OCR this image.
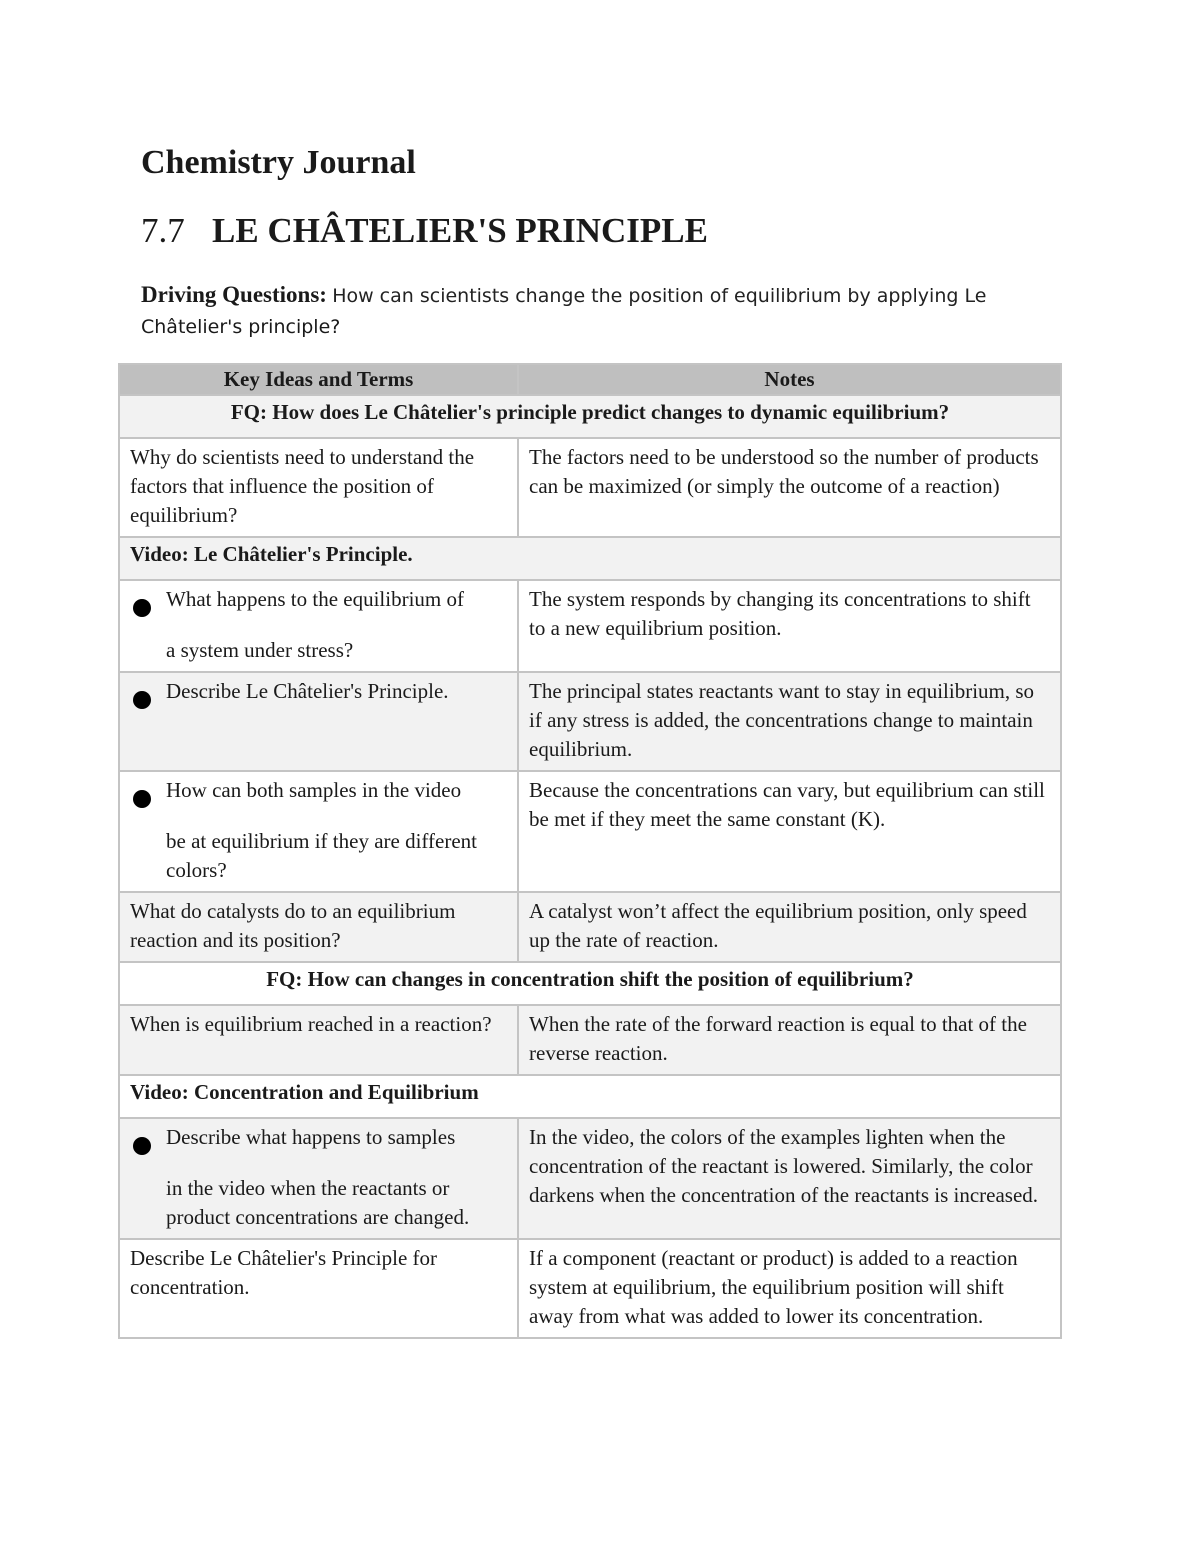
Chemistry Journal
7.7 LE CHÂTELIER'S PRINCIPLE

Driving Questions: How can scientists change the position of equilibrium by applying Le
Châtelier's principle?

Key Ideas and Terms	Notes
FQ: How does Le Châtelier's principle predict changes to dynamic equilibrium?	
Why do scientists need to understand the factors that influence the position of equilibrium?	The factors need to be understood so the number of products can be maximized (or simply the outcome of a reaction)
Video: Le Châtelier's Principle.	

What happens to the equilibrium of
a system under stress?	The system responds by changing its concentrations to shift to a new equilibrium position.

Describe Le Châtelier's Principle.	The principal states reactants want to stay in equilibrium, so if any stress is added, the concentrations change to maintain equilibrium.

How can both samples in the video
be at equilibrium if they are different colors?	Because the concentrations can vary, but equilibrium can still be met if they meet the same constant (K).
What do catalysts do to an equilibrium reaction and its position?	A catalyst won’t affect the equilibrium position, only speed up the rate of reaction.
FQ: How can changes in concentration shift the position of equilibrium?	
When is equilibrium reached in a reaction?	When the rate of the forward reaction is equal to that of the reverse reaction.
Video: Concentration and Equilibrium	

Describe what happens to samples
in the video when the reactants or product concentrations are changed.	In the video, the colors of the examples lighten when the concentration of the reactant is lowered. Similarly, the color darkens when the concentration of the reactants is increased.
Describe Le Châtelier's Principle for concentration.	If a component (reactant or product) is added to a reaction system at equilibrium, the equilibrium position will shift away from what was added to lower its concentration.
